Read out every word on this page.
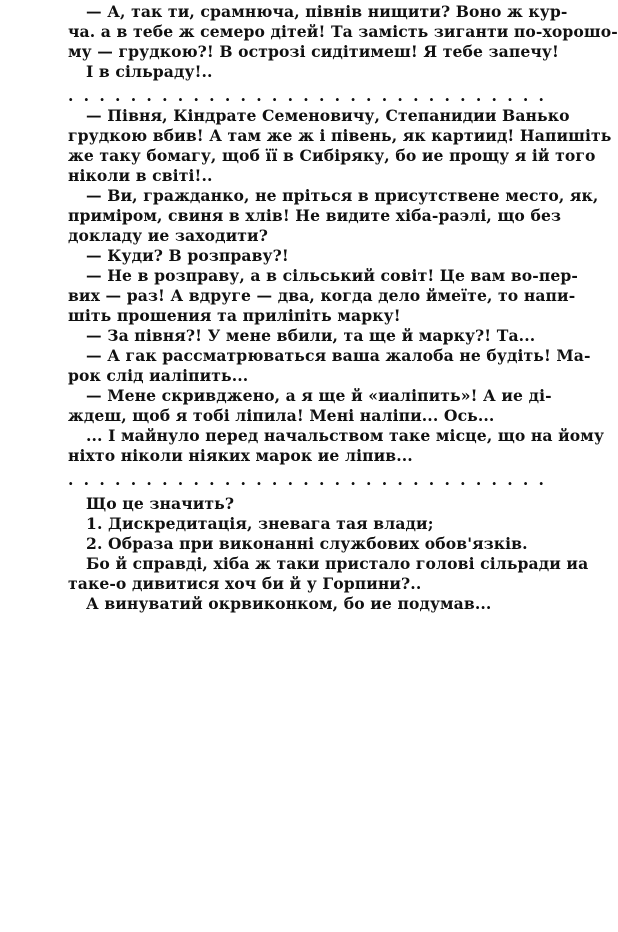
— А, так ти, срамнюча, півнів нищити? Воно ж кур-
ча. а в тебе ж семеро дітей! Та замість зиганти по-хорошо-
му — грудкою?! В острозі сидітимеш! Я тебе запечу!
І в сільраду!..
. . . . . . . . . . . . . . . . . . . . . . . . . . . . . . .
— Півня, Кіндрате Семеновичу, Степанидии Ванько
грудкою вбив! А там же ж і півень, як картиид! Напишіть
же таку бомагу, щоб її в Сибіряку, бо ие прощу я ій того
ніколи в світі!..
— Ви, гражданко, не пріться в присутствене место, як,
приміром, свиня в хлів! Не видите хіба-раэлі, що без
докладу ие заходити?
— Куди? В розправу?!
— Не в розправу, а в сільський совіт! Це вам во-пер-
вих — раз! А вдруге — два, когда дело ймеїте, то напи-
шіть прошения та приліпіть марку!
— За півня?! У мене вбили, та ще й марку?! Та...
— А гак рассматрюваться ваша жалоба не будіть! Ма-
рок слід иаліпить...
— Мене скривджено, а я ще й «иаліпить»! А ие ді-
ждеш, щоб я тобі ліпила! Мені наліпи... Ось...
... І майнуло перед начальством таке місце, що на йому
ніхто ніколи ніяких марок ие ліпив...
. . . . . . . . . . . . . . . . . . . . . . . . . . . . . . .
Що це значить?
1. Дискредитація, зневага тая влади;
2. Образа при виконанні службових обов'язків.
Бо й справді, хіба ж таки пристало голові сільради иа
таке-о дивитися хоч би й у Горпини?..
А винуватий окрвиконком, бо ие подумав...
